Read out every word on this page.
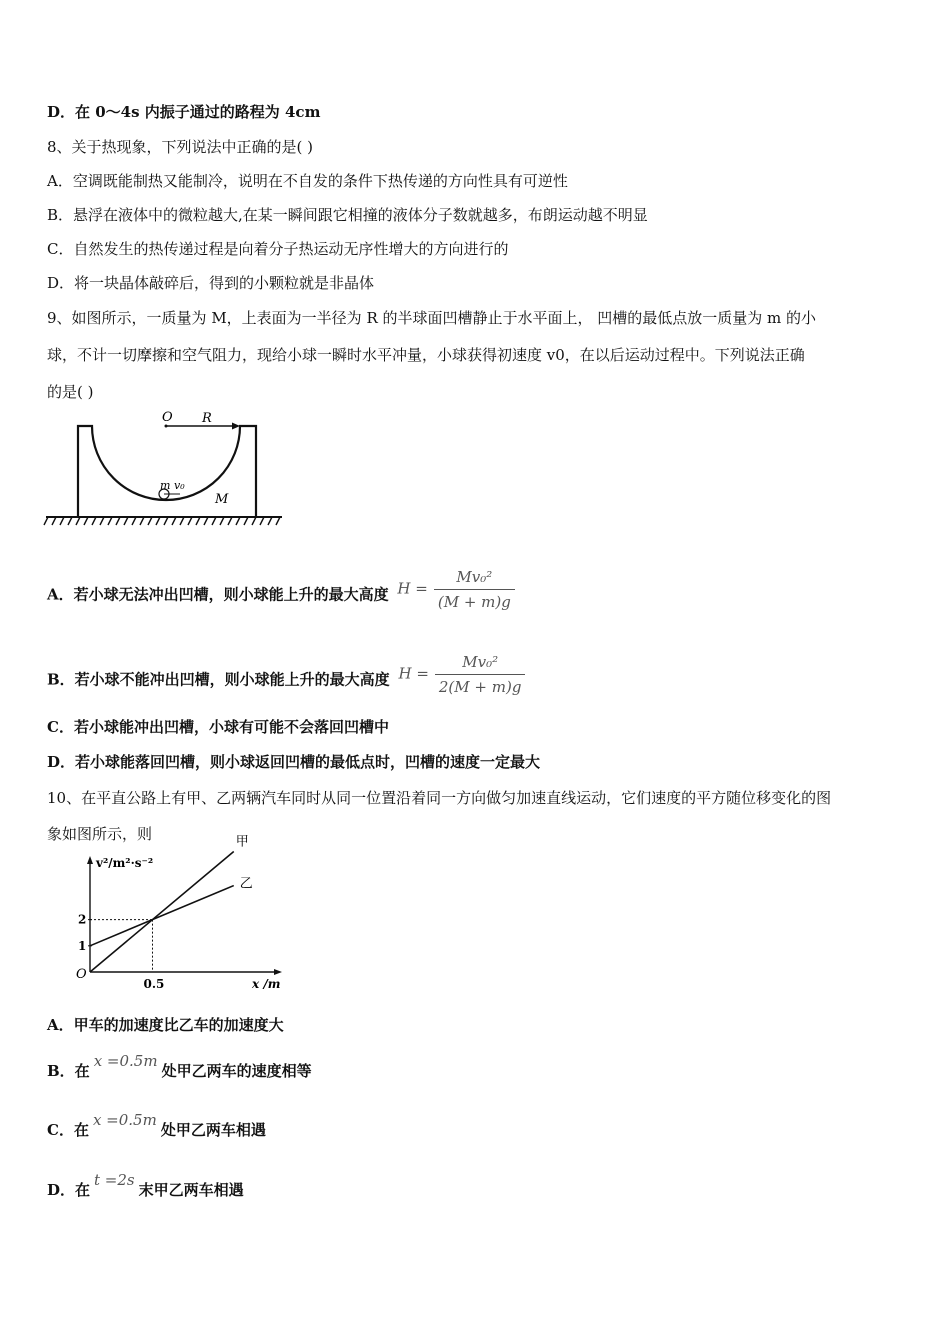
D．在 0～4s 内振子通过的路程为 4cm
8、关于热现象，下列说法中正确的是( )
A．空调既能制热又能制冷，说明在不自发的条件下热传递的方向性具有可逆性
B．悬浮在液体中的微粒越大,在某一瞬间跟它相撞的液体分子数就越多，布朗运动越不明显
C．自然发生的热传递过程是向着分子热运动无序性增大的方向进行的
D．将一块晶体敲碎后，得到的小颗粒就是非晶体
9、如图所示，一质量为 M，上表面为一半径为 R 的半球面凹槽静止于水平面上， 凹槽的最低点放一质量为 m 的小
球，不计一切摩擦和空气阻力，现给小球一瞬时水平冲量，小球获得初速度 v0，在以后运动过程中。下列说法正确
的是( )
O R
m v₀
M
A．若小球无法冲出凹槽，则小球能上升的最大高度 $H = \frac{\text{Mv₀²}}{(M + m)g}$
B．若小球不能冲出凹槽，则小球能上升的最大高度 $H = \frac{\text{Mv₀²}}{2(M + m)g}$
C．若小球能冲出凹槽，小球有可能不会落回凹槽中
D．若小球能落回凹槽，则小球返回凹槽的最低点时，凹槽的速度一定最大
10、在平直公路上有甲、乙两辆汽车同时从同一位置沿着同一方向做匀加速直线运动，它们速度的平方随位移变化的图
象如图所示，则
v²/m²·s⁻²
x /m
O
1
2
0.5
甲
乙
A．甲车的加速度比乙车的加速度大
B．在x =0.5m处甲乙两车的速度相等
C．在x =0.5m处甲乙两车相遇
D．在t =2s末甲乙两车相遇
